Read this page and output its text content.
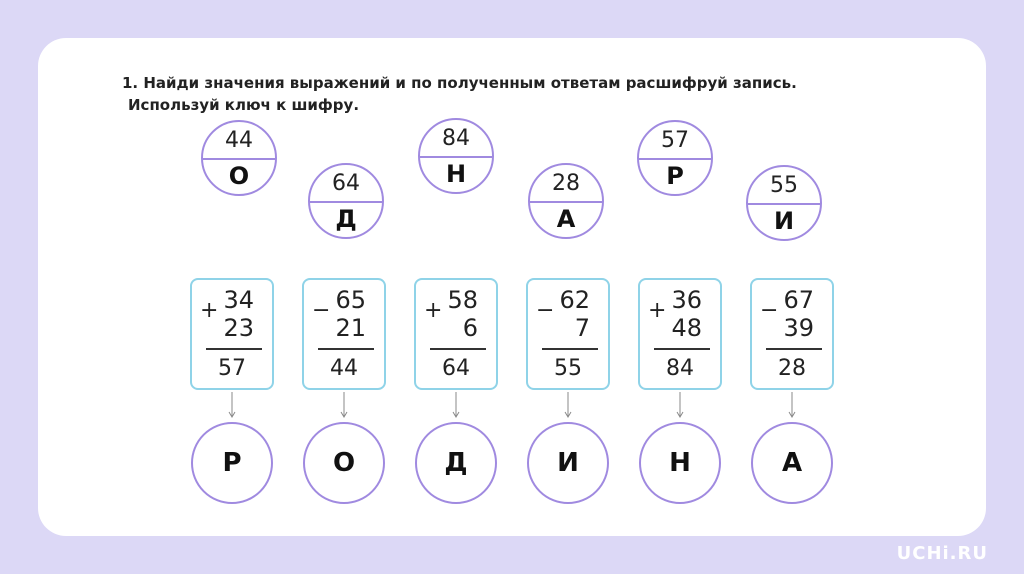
1. Найди значения выражений и по полученным ответам расшифруй запись.
Используй ключ к шифру.
44
О	64
Д
84
Н	28
А
57
Р	55
И
+ 34
23
57
− 65
21
44
+ 58
6
64
− 62
7
55
+ 36
48
84
− 67
39
28
Р	О	Д	И	Н	А
UCHi.RU
